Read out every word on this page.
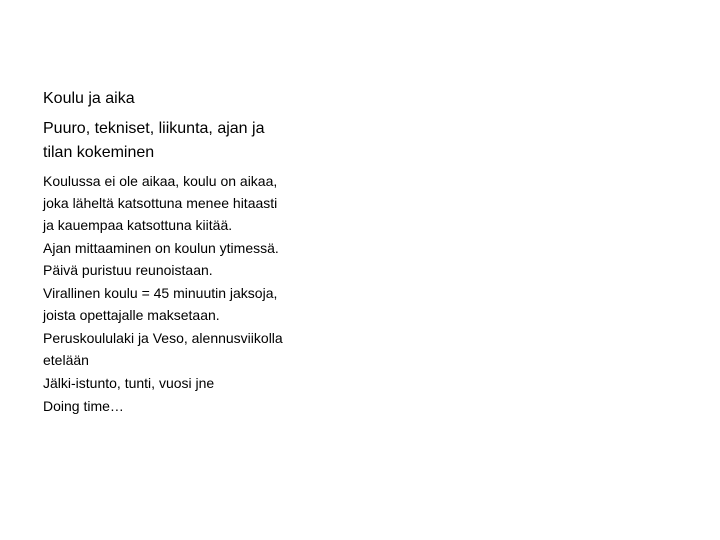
Koulu ja aika

Puuro, tekniset, liikunta, ajan ja tilan kokeminen

Koulussa ei ole aikaa, koulu on aikaa, joka läheltä katsottuna menee hitaasti ja kauempaa katsottuna kiitää.
Ajan mittaaminen on koulun ytimessä. Päivä puristuu reunoistaan.
Virallinen koulu = 45 minuutin jaksoja, joista opettajalle maksetaan.
Peruskoululaki ja Veso, alennusviikolla etelään
Jälki-istunto, tunti, vuosi jne
Doing time…
